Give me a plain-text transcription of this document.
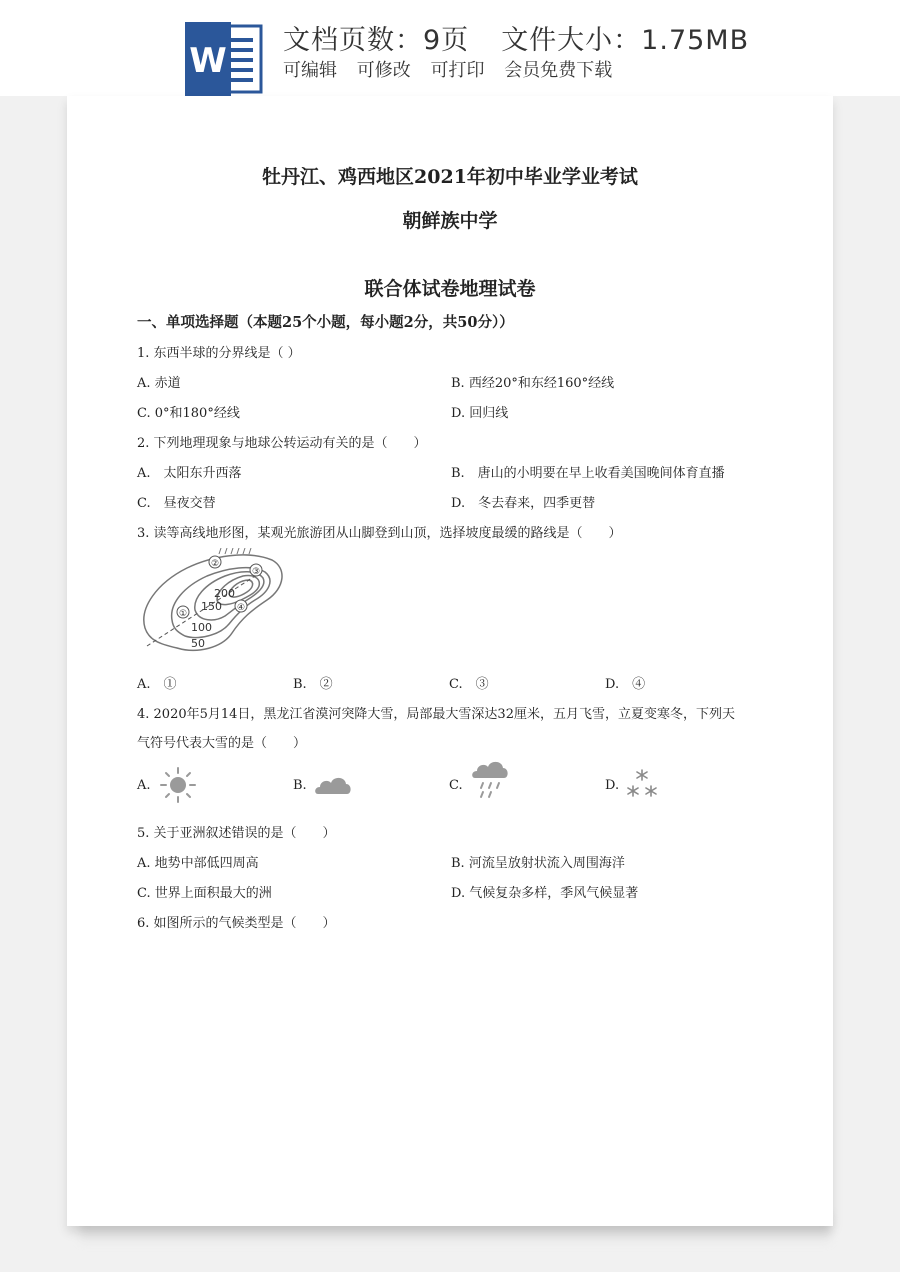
W
文档页数：9页 文件大小：1.75MB
可编辑 可修改 可打印 会员免费下载
牡丹江、鸡西地区2021年初中毕业学业考试
朝鲜族中学
联合体试卷地理试卷
一、单项选择题（本题25个小题，每小题2分，共50分））
1. 东西半球的分界线是（ ）
A. 赤道	B. 西经20°和东经160°经线
C. 0°和180°经线	D. 回归线
2. 下列地理现象与地球公转运动有关的是（　　）
A.　太阳东升西落	B.　唐山的小明要在早上收看美国晚间体育直播
C.　昼夜交替	D.　冬去春来，四季更替
3. 读等高线地形图，某观光旅游团从山脚登到山顶，选择坡度最缓的路线是（　　）
①
②
③
④
200
150
100
50
A.　①	B.　②	C.　③	D.　④
4. 2020年5月14日，黑龙江省漠河突降大雪，局部最大雪深达32厘米，五月飞雪，立夏变寒冬，下列天
气符号代表大雪的是（　　）
A.	B.	C.	D.
5. 关于亚洲叙述错误的是（　　）
A. 地势中部低四周高	B. 河流呈放射状流入周围海洋
C. 世界上面积最大的洲	D. 气候复杂多样，季风气候显著
6. 如图所示的气候类型是（　　）
